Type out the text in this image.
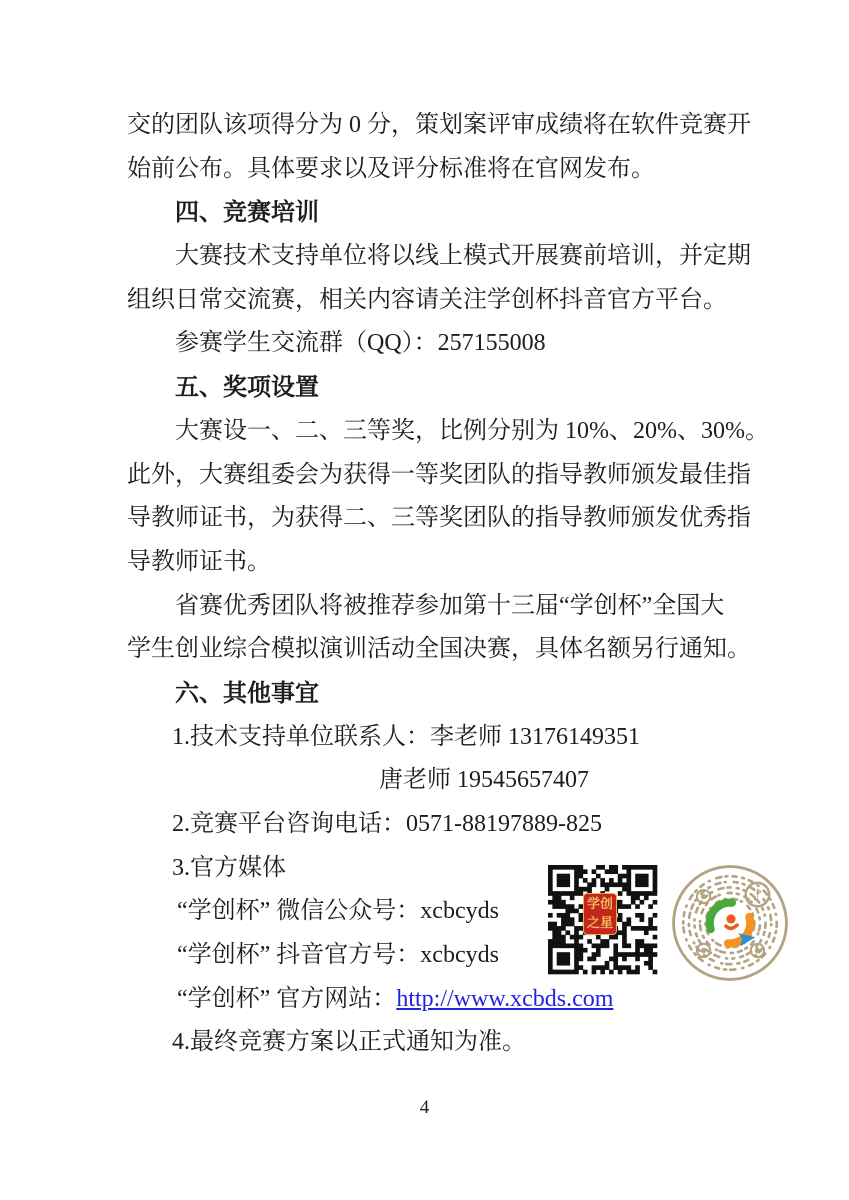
交的团队该项得分为 0 分，策划案评审成绩将在软件竞赛开
始前公布。具体要求以及评分标准将在官网发布。
四、竞赛培训
大赛技术支持单位将以线上模式开展赛前培训，并定期
组织日常交流赛，相关内容请关注学创杯抖音官方平台。
参赛学生交流群（QQ）：257155008
五、奖项设置
大赛设一、二、三等奖，比例分别为 10%、20%、30%。
此外，大赛组委会为获得一等奖团队的指导教师颁发最佳指
导教师证书，为获得二、三等奖团队的指导教师颁发优秀指
导教师证书。
省赛优秀团队将被推荐参加第十三届“学创杯”全国大
学生创业综合模拟演训活动全国决赛，具体名额另行通知。
六、其他事宜
1.技术支持单位联系人：李老师 13176149351
唐老师 19545657407
2.竞赛平台咨询电话：0571-88197889-825
3.官方媒体
“学创杯” 微信公众号：xcbcyds
“学创杯” 抖音官方号：xcbcyds
“学创杯” 官方网站：http://www.xcbds.com
4.最终竞赛方案以正式通知为准。
学创
之星
♪
4
